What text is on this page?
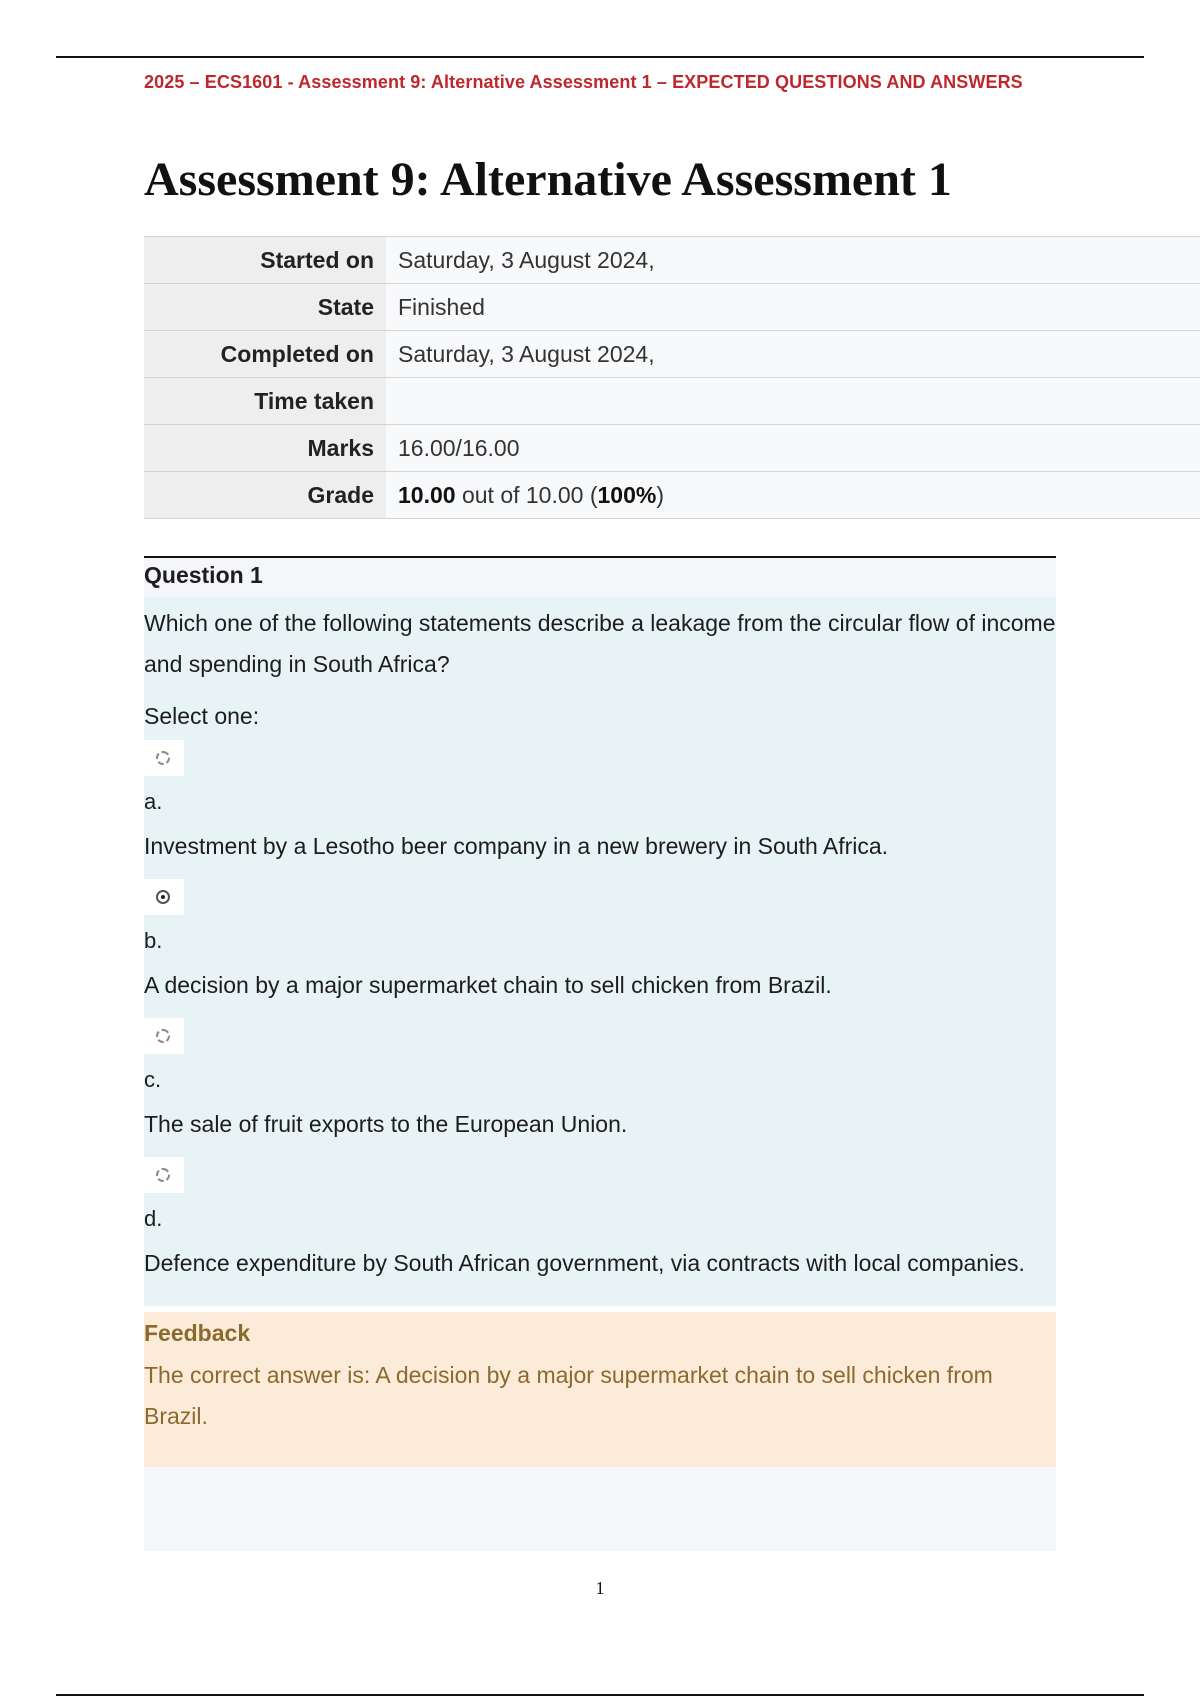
2025 – ECS1601 - Assessment 9: Alternative Assessment 1 – EXPECTED QUESTIONS AND ANSWERS
Assessment 9: Alternative Assessment 1
Started on	Saturday, 3 August 2024,
State	Finished
Completed on	Saturday, 3 August 2024,
Time taken	
Marks	16.00/16.00
Grade	10.00 out of 10.00 (100%)
Question 1

Which one of the following statements describe a leakage from the circular flow of income and spending in South Africa?

Select one:
a.
Investment by a Lesotho beer company in a new brewery in South Africa.
b.
A decision by a major supermarket chain to sell chicken from Brazil.
c.
The sale of fruit exports to the European Union.
d.
Defence expenditure by South African government, via contracts with local companies.
Feedback

The correct answer is: A decision by a major supermarket chain to sell chicken from Brazil.

1
